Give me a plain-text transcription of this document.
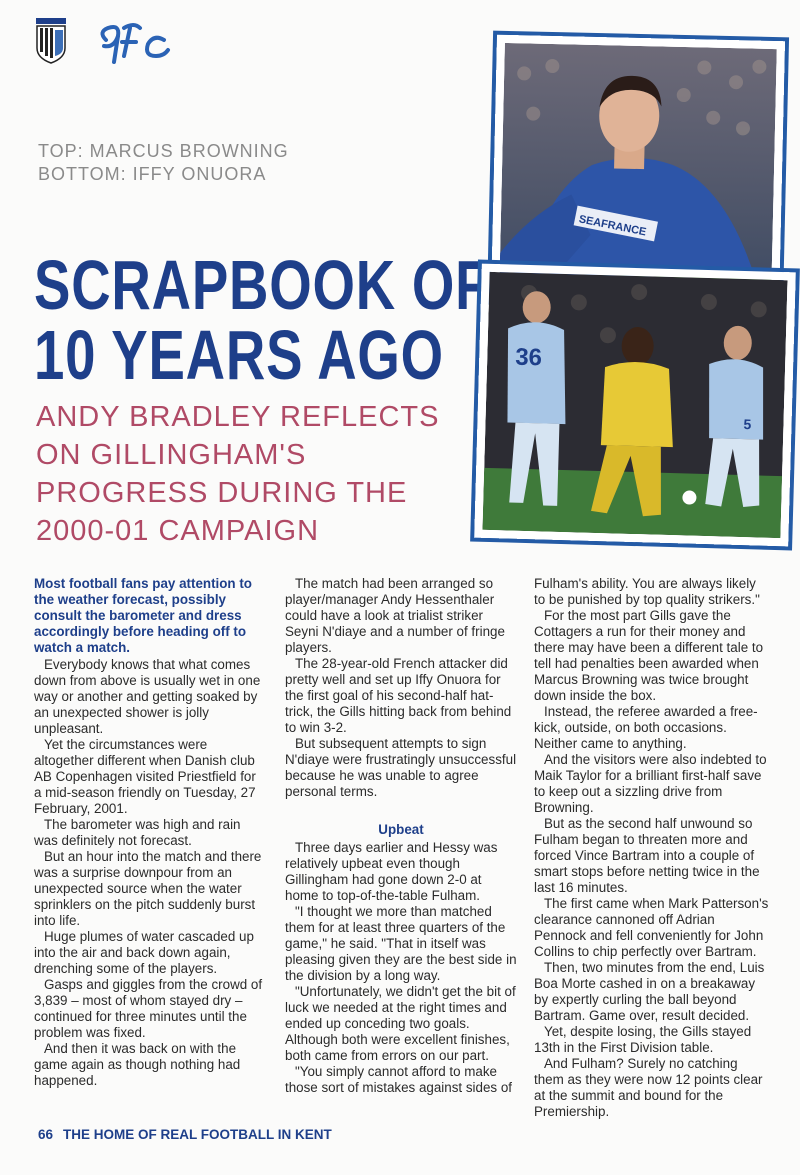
TOP: MARCUS BROWNING
BOTTOM: IFFY ONUORA
SCRAPBOOK OF
10 YEARS AGO
ANDY BRADLEY REFLECTS
ON GILLINGHAM'S
PROGRESS DURING THE
2000-01 CAMPAIGN
SEAFRANCE
36
5
Most football fans pay attention to the weather forecast, possibly consult the barometer and dress accordingly before heading off to watch a match.

Everybody knows that what comes down from above is usually wet in one way or another and getting soaked by an unexpected shower is jolly unpleasant.

Yet the circumstances were altogether different when Danish club AB Copenhagen visited Priestfield for a mid-season friendly on Tuesday, 27 February, 2001.

The barometer was high and rain was definitely not forecast.

But an hour into the match and there was a surprise downpour from an unexpected source when the water sprinklers on the pitch suddenly burst into life.

Huge plumes of water cascaded up into the air and back down again, drenching some of the players.

Gasps and giggles from the crowd of 3,839 – most of whom stayed dry – continued for three minutes until the problem was fixed.

And then it was back on with the game again as though nothing had happened.

The match had been arranged so player/manager Andy Hessenthaler could have a look at trialist striker Seyni N'diaye and a number of fringe players.

The 28-year-old French attacker did pretty well and set up Iffy Onuora for the first goal of his second-half hat-trick, the Gills hitting back from behind to win 3-2.

But subsequent attempts to sign N'diaye were frustratingly unsuccessful because he was unable to agree personal terms.

Upbeat

Three days earlier and Hessy was relatively upbeat even though Gillingham had gone down 2-0 at home to top-of-the-table Fulham.

"I thought we more than matched them for at least three quarters of the game," he said. "That in itself was pleasing given they are the best side in the division by a long way.

"Unfortunately, we didn't get the bit of luck we needed at the right times and ended up conceding two goals. Although both were excellent finishes, both came from errors on our part.

"You simply cannot afford to make those sort of mistakes against sides of

Fulham's ability. You are always likely to be punished by top quality strikers."

For the most part Gills gave the Cottagers a run for their money and there may have been a different tale to tell had penalties been awarded when Marcus Browning was twice brought down inside the box.

Instead, the referee awarded a free-kick, outside, on both occasions. Neither came to anything.

And the visitors were also indebted to Maik Taylor for a brilliant first-half save to keep out a sizzling drive from Browning.

But as the second half unwound so Fulham began to threaten more and forced Vince Bartram into a couple of smart stops before netting twice in the last 16 minutes.

The first came when Mark Patterson's clearance cannoned off Adrian Pennock and fell conveniently for John Collins to chip perfectly over Bartram.

Then, two minutes from the end, Luis Boa Morte cashed in on a breakaway by expertly curling the ball beyond Bartram. Game over, result decided.

Yet, despite losing, the Gills stayed 13th in the First Division table.

And Fulham? Surely no catching them as they were now 12 points clear at the summit and bound for the Premiership.

66 THE HOME OF REAL FOOTBALL IN KENT
